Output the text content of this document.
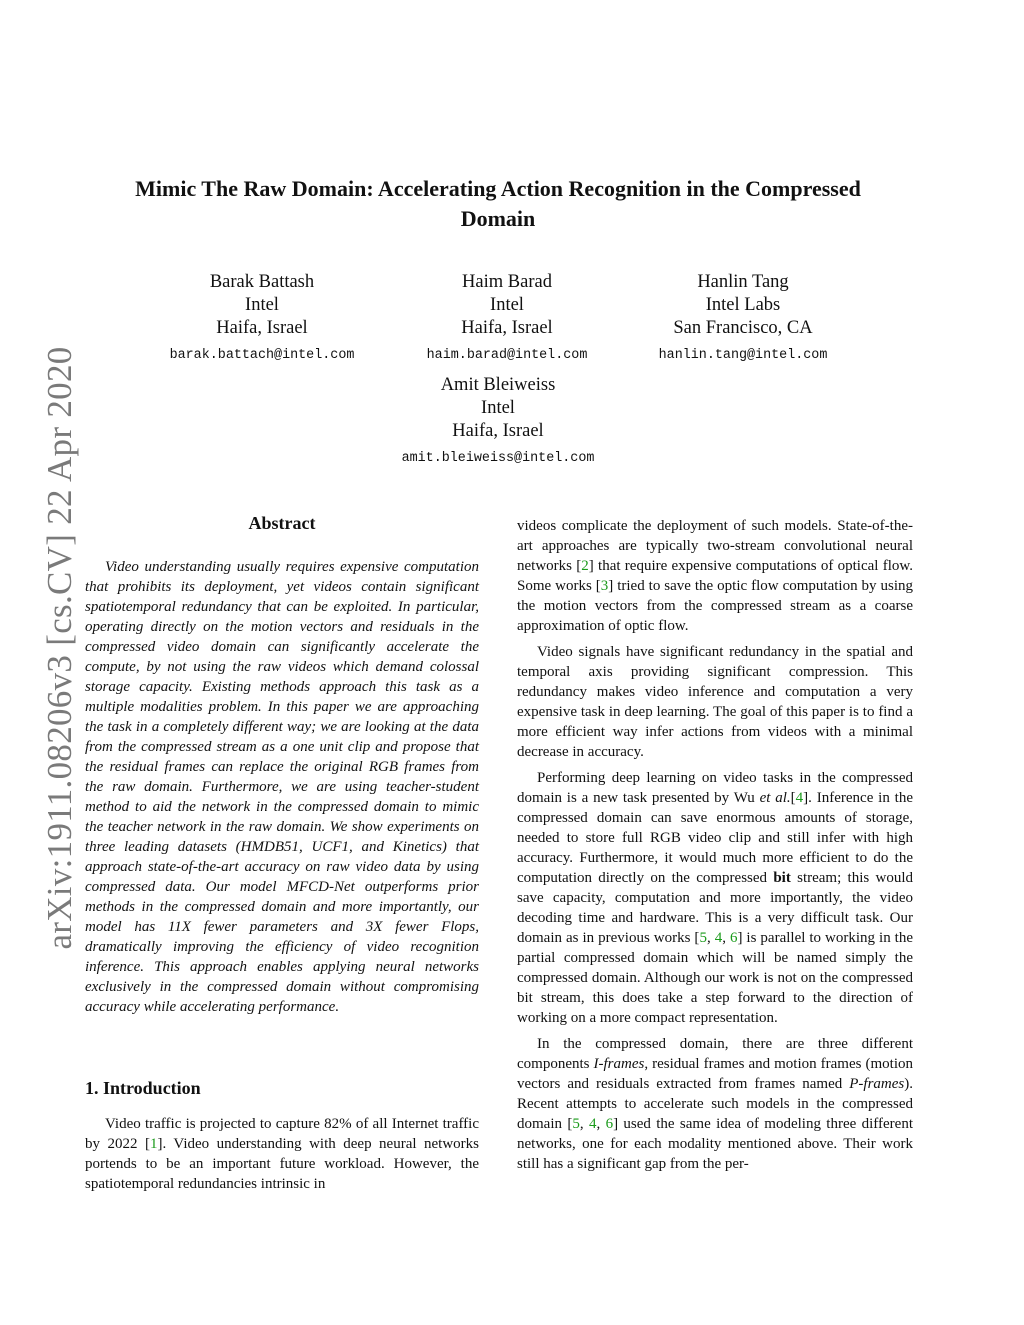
arXiv:1911.08206v3 [cs.CV] 22 Apr 2020
Mimic The Raw Domain: Accelerating Action Recognition in the Compressed
Domain
Barak Battash
Intel
Haifa, Israel
barak.battach@intel.com
Haim Barad
Intel
Haifa, Israel
haim.barad@intel.com
Hanlin Tang
Intel Labs
San Francisco, CA
hanlin.tang@intel.com
Amit Bleiweiss
Intel
Haifa, Israel
amit.bleiweiss@intel.com
Abstract

Video understanding usually requires expensive computation that prohibits its deployment, yet videos contain significant spatiotemporal redundancy that can be exploited. In particular, operating directly on the motion vectors and residuals in the compressed video domain can significantly accelerate the compute, by not using the raw videos which demand colossal storage capacity. Existing methods approach this task as a multiple modalities problem. In this paper we are approaching the task in a completely different way; we are looking at the data from the compressed stream as a one unit clip and propose that the residual frames can replace the original RGB frames from the raw domain. Furthermore, we are using teacher-student method to aid the network in the compressed domain to mimic the teacher network in the raw domain. We show experiments on three leading datasets (HMDB51, UCF1, and Kinetics) that approach state-of-the-art accuracy on raw video data by using compressed data. Our model MFCD-Net outperforms prior methods in the compressed domain and more importantly, our model has 11X fewer parameters and 3X fewer Flops, dramatically improving the efficiency of video recognition inference. This approach enables applying neural networks exclusively in the compressed domain without compromising accuracy while accelerating performance.

1. Introduction

Video traffic is projected to capture 82% of all Internet traffic by 2022 [1]. Video understanding with deep neural networks portends to be an important future workload. However, the spatiotemporal redundancies intrinsic in

videos complicate the deployment of such models. State-of-the-art approaches are typically two-stream convolutional neural networks [2] that require expensive computations of optical flow. Some works [3] tried to save the optic flow computation by using the motion vectors from the compressed stream as a coarse approximation of optic flow.

Video signals have significant redundancy in the spatial and temporal axis providing significant compression. This redundancy makes video inference and computation a very expensive task in deep learning. The goal of this paper is to find a more efficient way infer actions from videos with a minimal decrease in accuracy.

Performing deep learning on video tasks in the compressed domain is a new task presented by Wu et al.[4]. Inference in the compressed domain can save enormous amounts of storage, needed to store full RGB video clip and still infer with high accuracy. Furthermore, it would much more efficient to do the computation directly on the compressed bit stream; this would save capacity, computation and more importantly, the video decoding time and hardware. This is a very difficult task. Our domain as in previous works [5, 4, 6] is parallel to working in the partial compressed domain which will be named simply the compressed domain. Although our work is not on the compressed bit stream, this does take a step forward to the direction of working on a more compact representation.

In the compressed domain, there are three different components I-frames, residual frames and motion frames (motion vectors and residuals extracted from frames named P-frames). Recent attempts to accelerate such models in the compressed domain [5, 4, 6] used the same idea of modeling three different networks, one for each modality mentioned above. Their work still has a significant gap from the per-
